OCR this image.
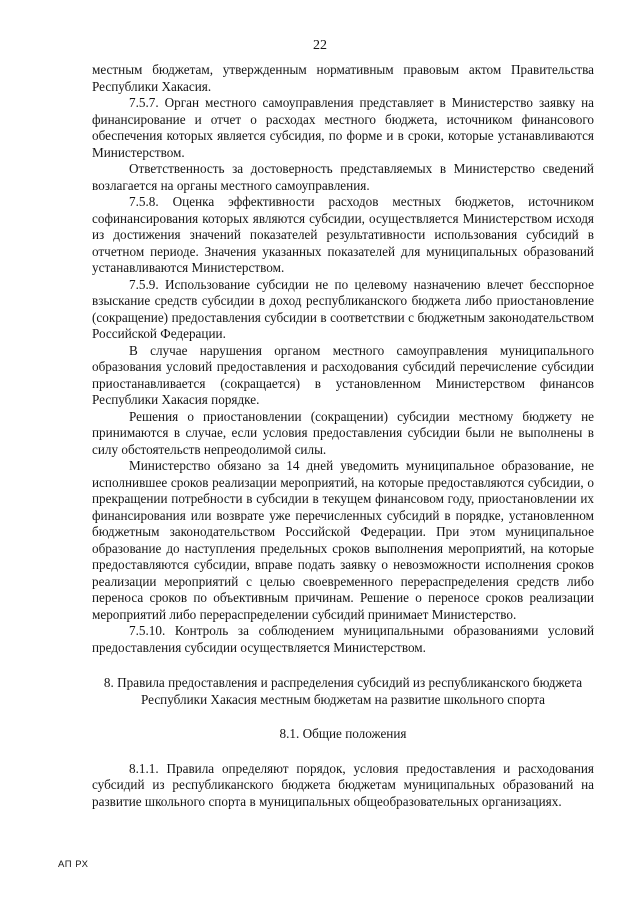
22

местным бюджетам, утвержденным нормативным правовым актом Правительства Республики Хакасия.

7.5.7. Орган местного самоуправления представляет в Министерство заявку на финансирование и отчет о расходах местного бюджета, источником финансового обеспечения которых является субсидия, по форме и в сроки, которые устанавливаются Министерством.

Ответственность за достоверность представляемых в Министерство сведений возлагается на органы местного самоуправления.

7.5.8. Оценка эффективности расходов местных бюджетов, источником софинансирования которых являются субсидии, осуществляется Министерством исходя из достижения значений показателей результативности использования субсидий в отчетном периоде. Значения указанных показателей для муниципальных образований устанавливаются Министерством.

7.5.9. Использование субсидии не по целевому назначению влечет бесспорное взыскание средств субсидии в доход республиканского бюджета либо приостановление (сокращение) предоставления субсидии в соответствии с бюджетным законодательством Российской Федерации.

В случае нарушения органом местного самоуправления муниципального образования условий предоставления и расходования субсидий перечисление субсидии приостанавливается (сокращается) в установленном Министерством финансов Республики Хакасия порядке.

Решения о приостановлении (сокращении) субсидии местному бюджету не принимаются в случае, если условия предоставления субсидии были не выполнены в силу обстоятельств непреодолимой силы.

Министерство обязано за 14 дней уведомить муниципальное образование, не исполнившее сроков реализации мероприятий, на которые предоставляются субсидии, о прекращении потребности в субсидии в текущем финансовом году, приостановлении их финансирования или возврате уже перечисленных субсидий в порядке, установленном бюджетным законодательством Российской Федерации. При этом муниципальное образование до наступления предельных сроков выполнения мероприятий, на которые предоставляются субсидии, вправе подать заявку о невозможности исполнения сроков реализации мероприятий с целью своевременного перераспределения средств либо переноса сроков по объективным причинам. Решение о переносе сроков реализации мероприятий либо перераспределении субсидий принимает Министерство.

7.5.10. Контроль за соблюдением муниципальными образованиями условий предоставления субсидии осуществляется Министерством.

8. Правила предоставления и распределения субсидий из республиканского бюджета Республики Хакасия местным бюджетам на развитие школьного спорта

8.1. Общие положения

8.1.1. Правила определяют порядок, условия предоставления и расходования субсидий из республиканского бюджета бюджетам муниципальных образований на развитие школьного спорта в муниципальных общеобразовательных организациях.

АП РХ
